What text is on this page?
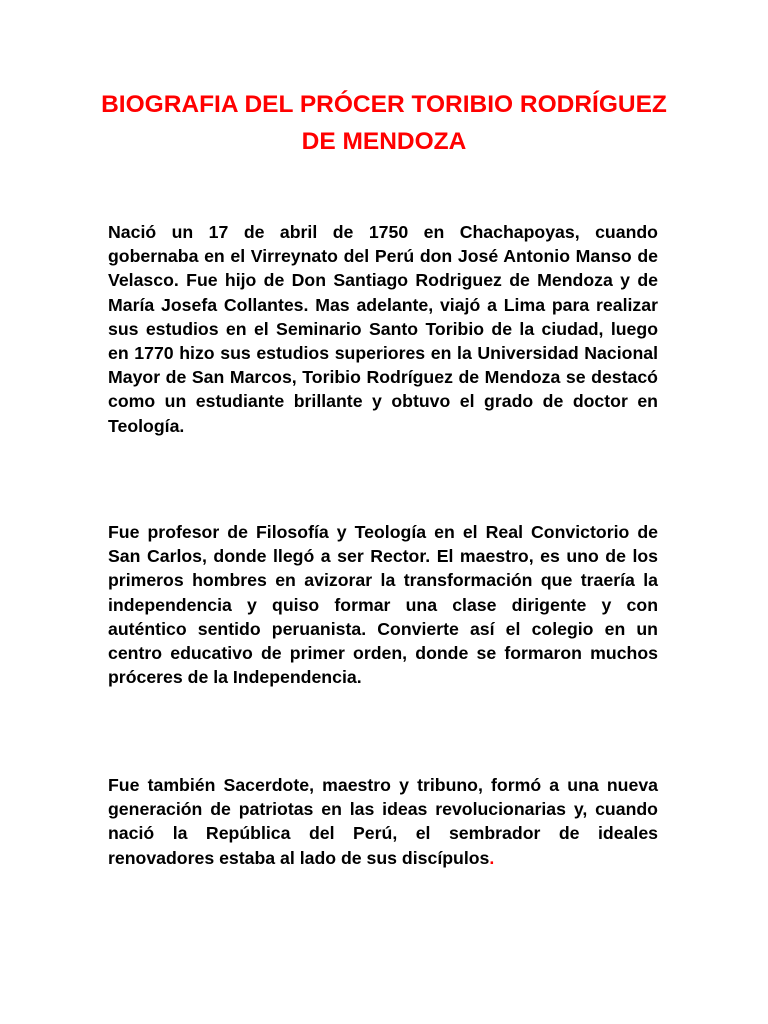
BIOGRAFIA DEL PRÓCER TORIBIO RODRÍGUEZ DE MENDOZA

Nació un 17 de abril de 1750 en Chachapoyas, cuando gobernaba en el Virreynato del Perú don José Antonio Manso de Velasco. Fue hijo de Don Santiago Rodriguez de Mendoza y de María Josefa Collantes. Mas adelante, viajó a Lima para realizar sus estudios en el Seminario Santo Toribio de la ciudad, luego en 1770 hizo sus estudios superiores en la Universidad Nacional Mayor de San Marcos, Toribio Rodríguez de Mendoza se destacó como un estudiante brillante y obtuvo el grado de doctor en Teología.

Fue profesor de Filosofía y Teología en el Real Convictorio de San Carlos, donde llegó a ser Rector. El maestro, es uno de los primeros hombres en avizorar la transformación que traería la independencia y quiso formar una clase dirigente y con auténtico sentido peruanista. Convierte así el colegio en un centro educativo de primer orden, donde se formaron muchos próceres de la Independencia.

Fue también Sacerdote, maestro y tribuno, formó a una nueva generación de patriotas en las ideas revolucionarias y, cuando nació la República del Perú, el sembrador de ideales renovadores estaba al lado de sus discípulos.
